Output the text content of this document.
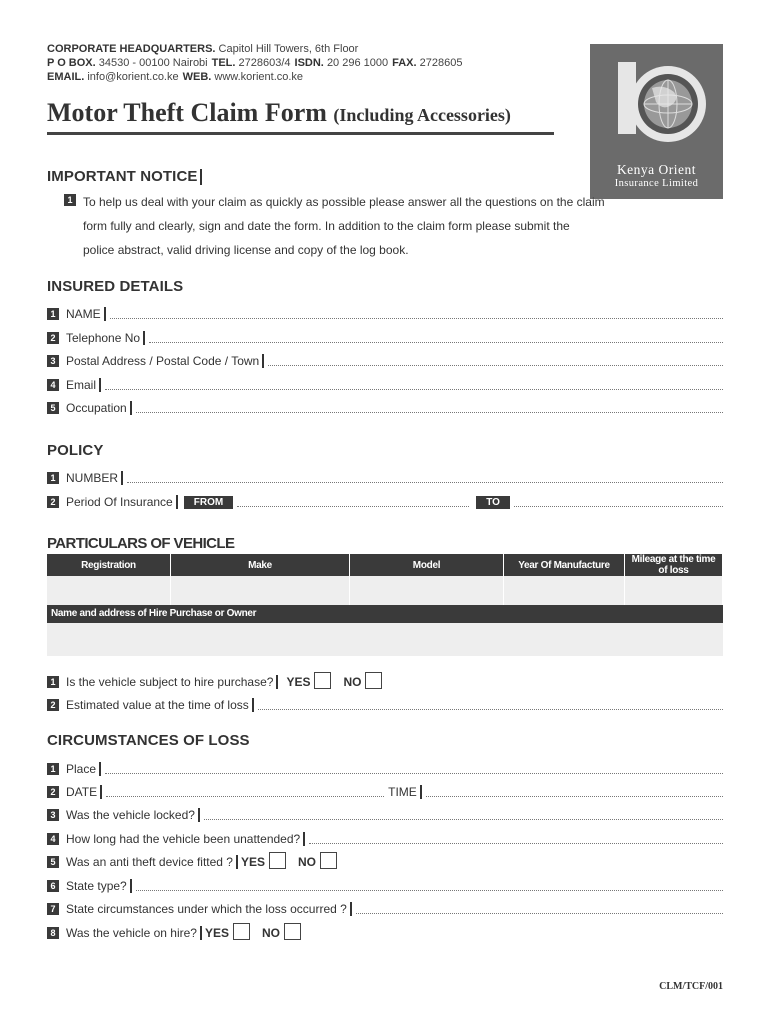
CORPORATE HEADQUARTERS. Capitol Hill Towers, 6th Floor
P O BOX. 34530 - 00100 Nairobi TEL. 2728603/4 ISDN. 20 296 1000 FAX. 2728605
EMAIL. info@korient.co.ke WEB. www.korient.co.ke
Kenya Orient
Insurance Limited
Motor Theft Claim Form (Including Accessories)
IMPORTANT NOTICE
1 To help us deal with your claim as quickly as possible please answer all the questions on the claim
form fully and clearly, sign and date the form. In addition to the claim form please submit the
police abstract, valid driving license and copy of the log book.
INSURED DETAILS
1 NAME
2 Telephone No
3 Postal Address / Postal Code / Town
4 Email
5 Occupation
POLICY
1 NUMBER
2 Period Of Insurance	FROM	TO
PARTICULARS OF VEHICLE
Registration	Make	Model	Year Of Manufacture	Mileage at the time of loss

Name and address of Hire Purchase or Owner
1 Is the vehicle subject to hire purchase? YES	NO
2 Estimated value at the time of loss
CIRCUMSTANCES OF LOSS
1 Place
2 DATE	TIME
3 Was the vehicle locked?
4 How long had the vehicle been unattended?
5 Was an anti theft device fitted ? YES	NO
6 State type?
7 State circumstances under which the loss occurred ?
8 Was the vehicle on hire? YES	NO
CLM/TCF/001
